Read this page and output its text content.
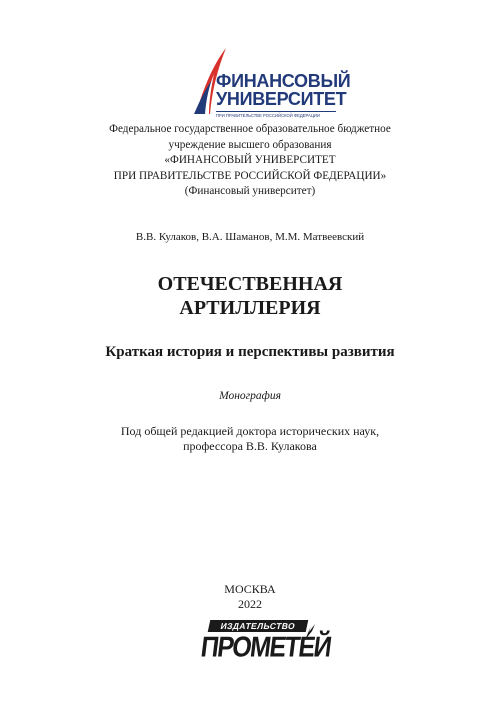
ФИНАНСОВЫЙ
УНИВЕРСИТЕТ
ПРИ ПРАВИТЕЛЬСТВЕ РОССИЙСКОЙ ФЕДЕРАЦИИ
Федеральное государственное образовательное бюджетное
учреждение высшего образования
«ФИНАНСОВЫЙ УНИВЕРСИТЕТ
ПРИ ПРАВИТЕЛЬСТВЕ РОССИЙСКОЙ ФЕДЕРАЦИИ»
(Финансовый университет)
В.В. Кулаков, В.А. Шаманов, М.М. Матвеевский
ОТЕЧЕСТВЕННАЯ
АРТИЛЛЕРИЯ
Краткая история и перспективы развития
Монография
Под общей редакцией доктора исторических наук,
профессора В.В. Кулакова
МОСКВА
2022
ИЗДАТЕЛЬСТВО
ПРОМЕТЕЙ
